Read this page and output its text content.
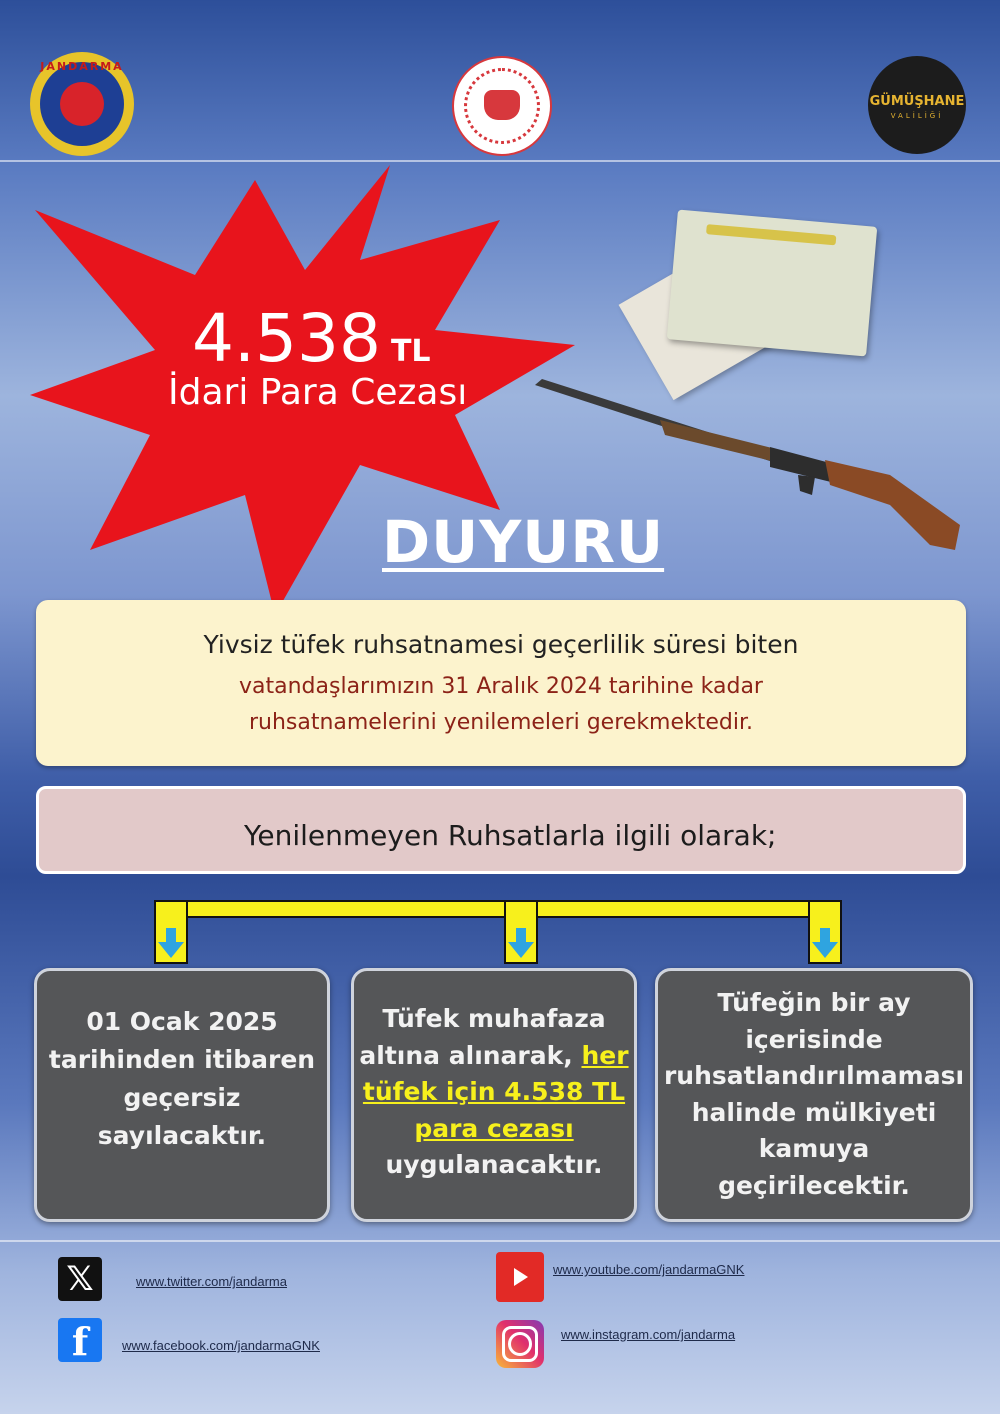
JANDARMA
GÜMÜŞHANE
VALİLİĞİ
4.538 TL
İdari Para Cezası
DUYURU
Yivsiz tüfek ruhsatnamesi geçerlilik süresi biten
vatandaşlarımızın 31 Aralık 2024 tarihine kadar
ruhsatnamelerini yenilemeleri gerekmektedir.
Yenilenmeyen Ruhsatlarla ilgili olarak;
01 Ocak 2025
tarihinden itibaren
geçersiz
sayılacaktır.
Tüfek muhafaza
altına alınarak, her
tüfek için 4.538 TL
para cezası
uygulanacaktır.
Tüfeğin bir ay
içerisinde
ruhsatlandırılmaması
halinde mülkiyeti
kamuya
geçirilecektir.
𝕏	www.twitter.com/jandarma
f	www.facebook.com/jandarmaGNK
www.youtube.com/jandarmaGNK
www.instagram.com/jandarma
